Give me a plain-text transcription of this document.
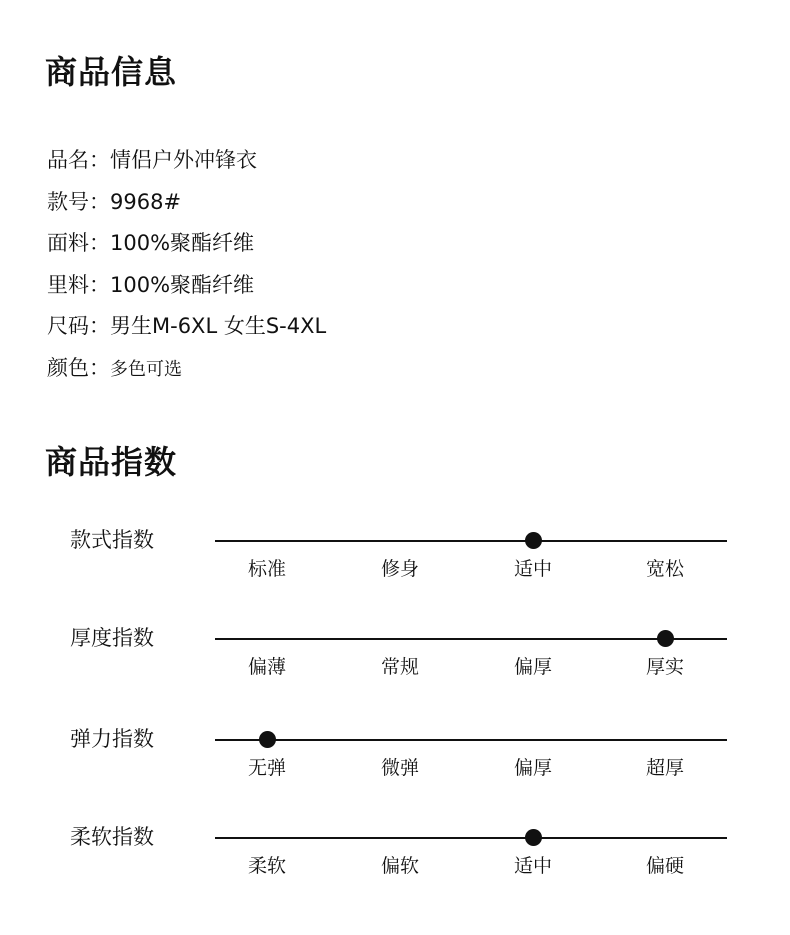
商品信息
品名：情侣户外冲锋衣
款号：9968#
面料：100%聚酯纤维
里料：100%聚酯纤维
尺码：男生M-6XL 女生S-4XL
颜色：多色可选
商品指数
款式指数
标准	修身	适中	宽松
厚度指数
偏薄	常规	偏厚	厚实
弹力指数
无弹	微弹	偏厚	超厚
柔软指数
柔软	偏软	适中	偏硬
